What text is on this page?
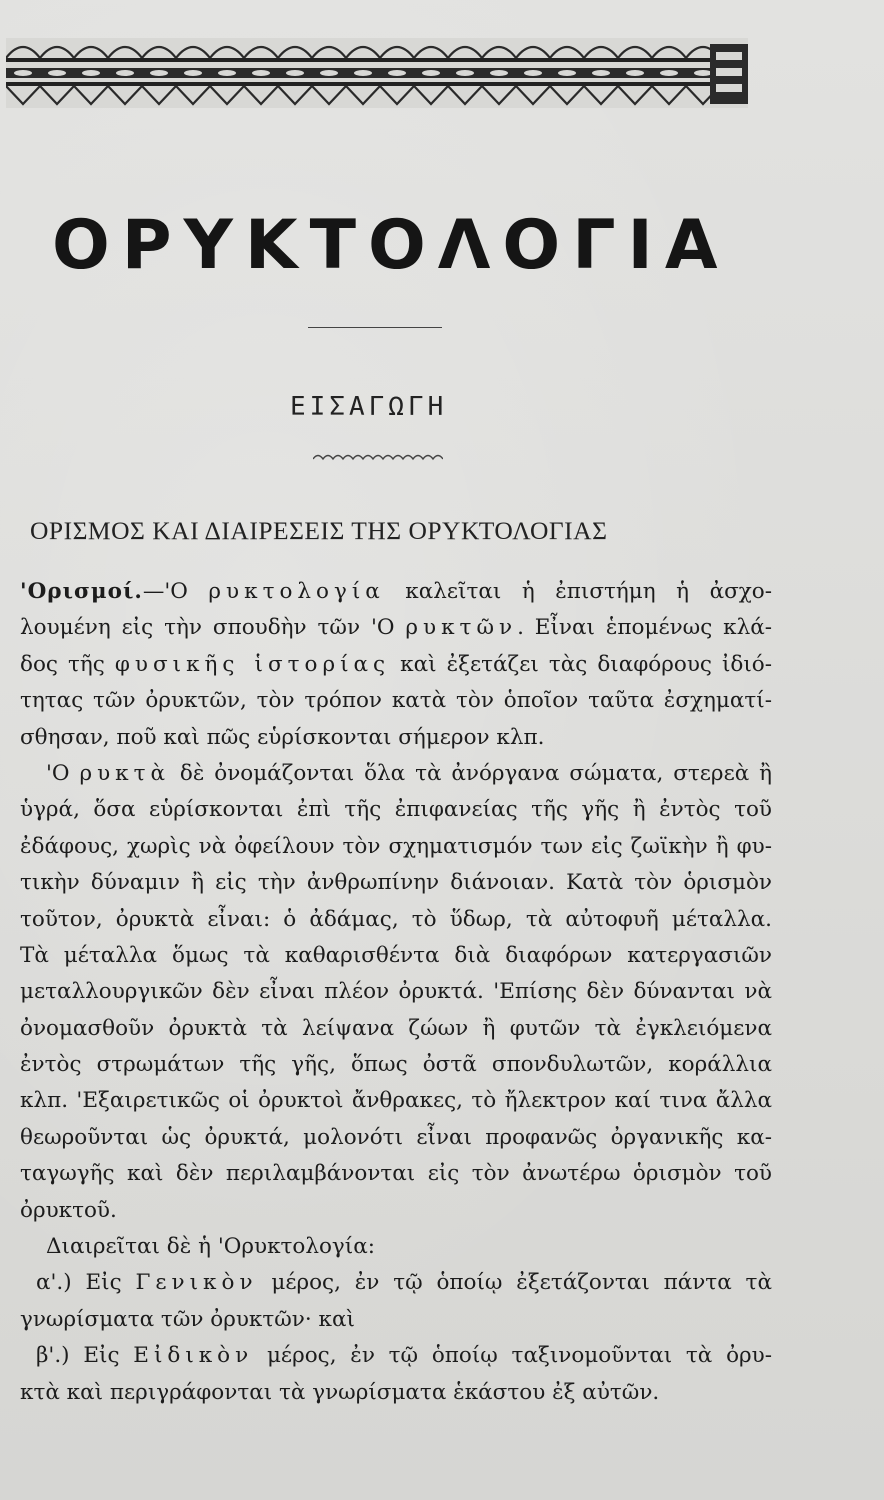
ΟΡΥΚΤΟΛΟΓΙΑ
ΕΙΣΑΓΩΓΗ
ΟΡΙΣΜΟΣ ΚΑΙ ΔΙΑΙΡΕΣΕΙΣ ΤΗΣ ΟΡΥΚΤΟΛΟΓΙΑΣ
'Ορισμοί.—'Ο ρυκτολογία καλεῖται ἡ ἐπιστήμη ἡ ἀσχο-
λουμένη εἰς τὴν σπουδὴν τῶν 'Ο ρυκτῶν. Εἶναι ἑπομένως κλά-
δος τῆς φυσικῆς ἱστορίας καὶ ἐξετάζει τὰς διαφόρους ἰδιό-
τητας τῶν ὀρυκτῶν, τὸν τρόπον κατὰ τὸν ὁποῖον ταῦτα ἐσχηματί-
σθησαν, ποῦ καὶ πῶς εὑρίσκονται σήμερον κλπ.
'Ο ρυκτὰ δὲ ὀνομάζονται ὅλα τὰ ἀνόργανα σώματα, στερεὰ ἢ
ὑγρά, ὅσα εὑρίσκονται ἐπὶ τῆς ἐπιφανείας τῆς γῆς ἢ ἐντὸς τοῦ
ἐδάφους, χωρὶς νὰ ὀφείλουν τὸν σχηματισμόν των εἰς ζωϊκὴν ἢ φυ-
τικὴν δύναμιν ἢ εἰς τὴν ἀνθρωπίνην διάνοιαν. Κατὰ τὸν ὁρισμὸν
τοῦτον, ὀρυκτὰ εἶναι: ὁ ἀδάμας, τὸ ὕδωρ, τὰ αὐτοφυῆ μέταλλα.
Τὰ μέταλλα ὅμως τὰ καθαρισθέντα διὰ διαφόρων κατεργασιῶν
μεταλλουργικῶν δὲν εἶναι πλέον ὀρυκτά. 'Επίσης δὲν δύνανται νὰ
ὀνομασθοῦν ὀρυκτὰ τὰ λείψανα ζώων ἢ φυτῶν τὰ ἐγκλειόμενα
ἐντὸς στρωμάτων τῆς γῆς, ὅπως ὀστᾶ σπονδυλωτῶν, κοράλλια
κλπ. 'Εξαιρετικῶς οἱ ὀρυκτοὶ ἄνθρακες, τὸ ἤλεκτρον καί τινα ἄλλα
θεωροῦνται ὡς ὀρυκτά, μολονότι εἶναι προφανῶς ὀργανικῆς κα-
ταγωγῆς καὶ δὲν περιλαμβάνονται εἰς τὸν ἀνωτέρω ὁρισμὸν τοῦ
ὀρυκτοῦ.
Διαιρεῖται δὲ ἡ 'Ορυκτολογία:
α'.) Εἰς Γενικὸν μέρος, ἐν τῷ ὁποίῳ ἐξετάζονται πάντα τὰ
γνωρίσματα τῶν ὀρυκτῶν· καὶ
β'.) Εἰς Εἰδικὸν μέρος, ἐν τῷ ὁποίῳ ταξινομοῦνται τὰ ὀρυ-
κτὰ καὶ περιγράφονται τὰ γνωρίσματα ἑκάστου ἐξ αὐτῶν.
